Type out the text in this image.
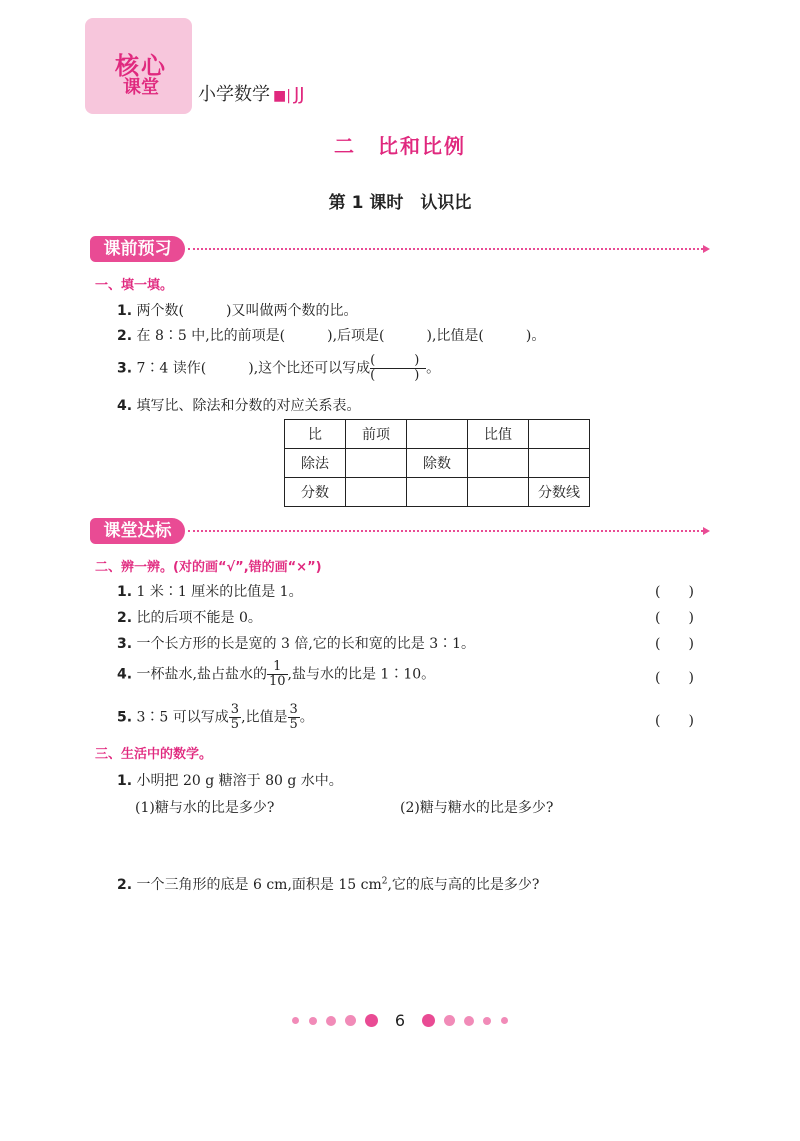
核心
课堂	小学数学 ■| JJ
二　比和比例
第 1 课时　认识比
课前预习
一、填一填。
1. 两个数(　　　)又叫做两个数的比。
2. 在 8∶5 中,比的前项是(　　　),后项是(　　　),比值是(　　　)。
3. 7∶4 读作(　　　),这个比还可以写成 (　　　)
(　　　) 。
4. 填写比、除法和分数的对应关系表。
比	前项		比值	
除法		除数		
分数				分数线
课堂达标
二、辨一辨。(对的画“√”,错的画“×”)
1. 1 米∶1 厘米的比值是 1。	(　　)
2. 比的后项不能是 0。	(　　)
3. 一个长方形的长是宽的 3 倍,它的长和宽的比是 3∶1。	(　　)
4. 一杯盐水,盐占盐水的 $\frac{1}{10}$ ,盐与水的比是 1∶10。	(　　)
5. 3∶5 可以写成 $\frac{3}{5}$ ,比值是 $\frac{3}{5}$ 。	(　　)
三、生活中的数学。
1. 小明把 20 g 糖溶于 80 g 水中。
(1)糖与水的比是多少?	(2)糖与糖水的比是多少?
2. 一个三角形的底是 6 cm,面积是 15 $cm^2$,它的底与高的比是多少?
6
